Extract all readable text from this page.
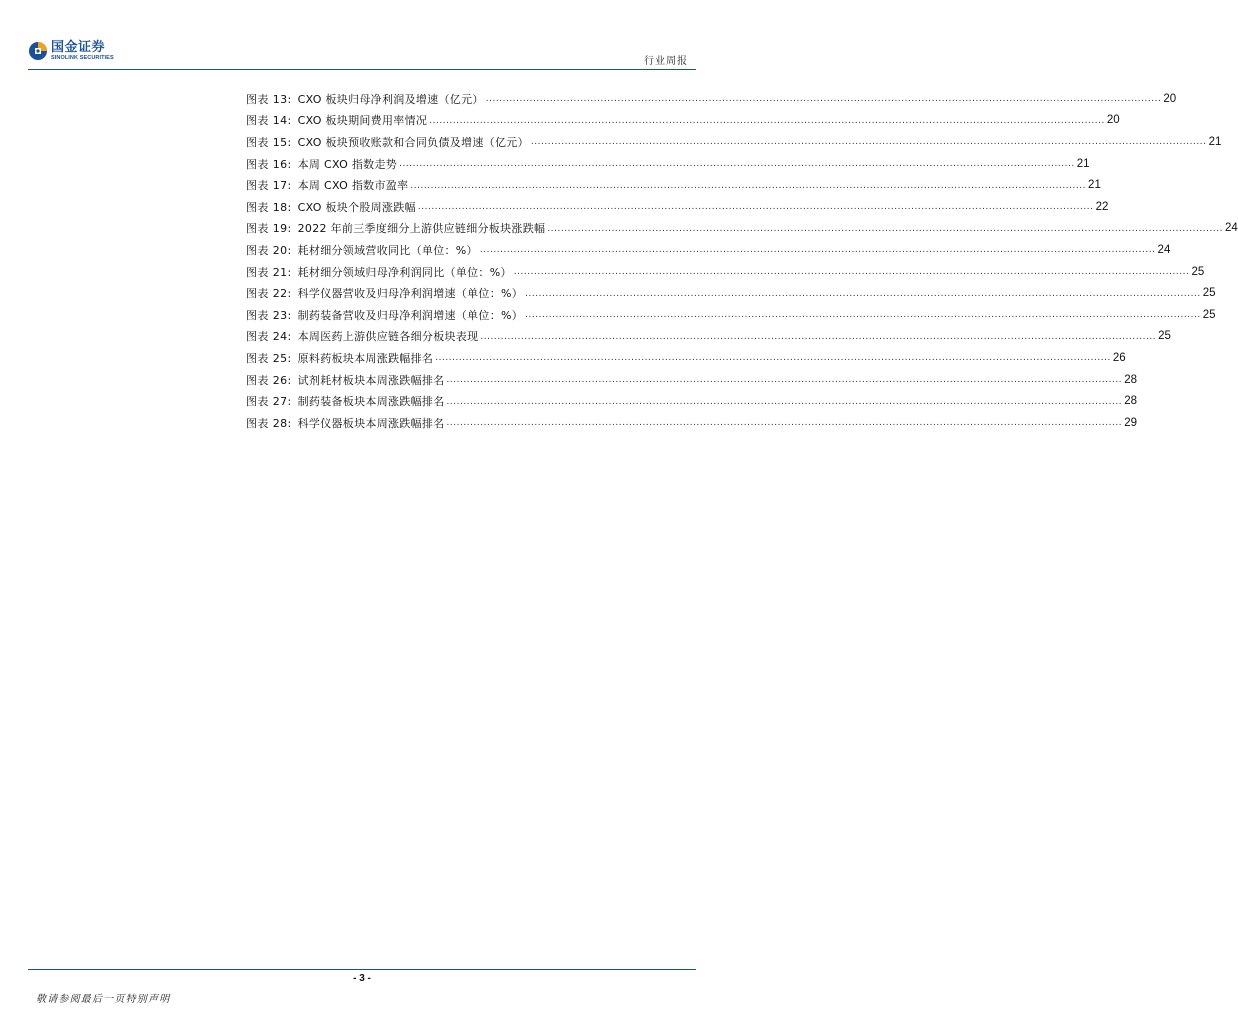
国金证券
SINOLINK SECURITIES	行业周报
图表 13: CXO 板块归母净利润及增速（亿元） ........................................................................................................................................................................................................ 20
图表 14: CXO 板块期间费用率情况 ........................................................................................................................................................................................................ 20
图表 15: CXO 板块预收账款和合同负债及增速（亿元） ........................................................................................................................................................................................................ 21
图表 16: 本周 CXO 指数走势 ........................................................................................................................................................................................................ 21
图表 17: 本周 CXO 指数市盈率 ........................................................................................................................................................................................................ 21
图表 18: CXO 板块个股周涨跌幅 ........................................................................................................................................................................................................ 22
图表 19: 2022 年前三季度细分上游供应链细分板块涨跌幅 ........................................................................................................................................................................................................ 24
图表 20: 耗材细分领域营收同比（单位：%） ........................................................................................................................................................................................................ 24
图表 21: 耗材细分领域归母净利润同比（单位：%） ........................................................................................................................................................................................................ 25
图表 22: 科学仪器营收及归母净利润增速（单位：%） ........................................................................................................................................................................................................ 25
图表 23: 制药装备营收及归母净利润增速（单位：%） ........................................................................................................................................................................................................ 25
图表 24: 本周医药上游供应链各细分板块表现 ........................................................................................................................................................................................................ 25
图表 25: 原料药板块本周涨跌幅排名 ........................................................................................................................................................................................................ 26
图表 26: 试剂耗材板块本周涨跌幅排名 ........................................................................................................................................................................................................ 28
图表 27: 制药装备板块本周涨跌幅排名 ........................................................................................................................................................................................................ 28
图表 28: 科学仪器板块本周涨跌幅排名 ........................................................................................................................................................................................................ 29
- 3 -
敬请参阅最后一页特别声明
